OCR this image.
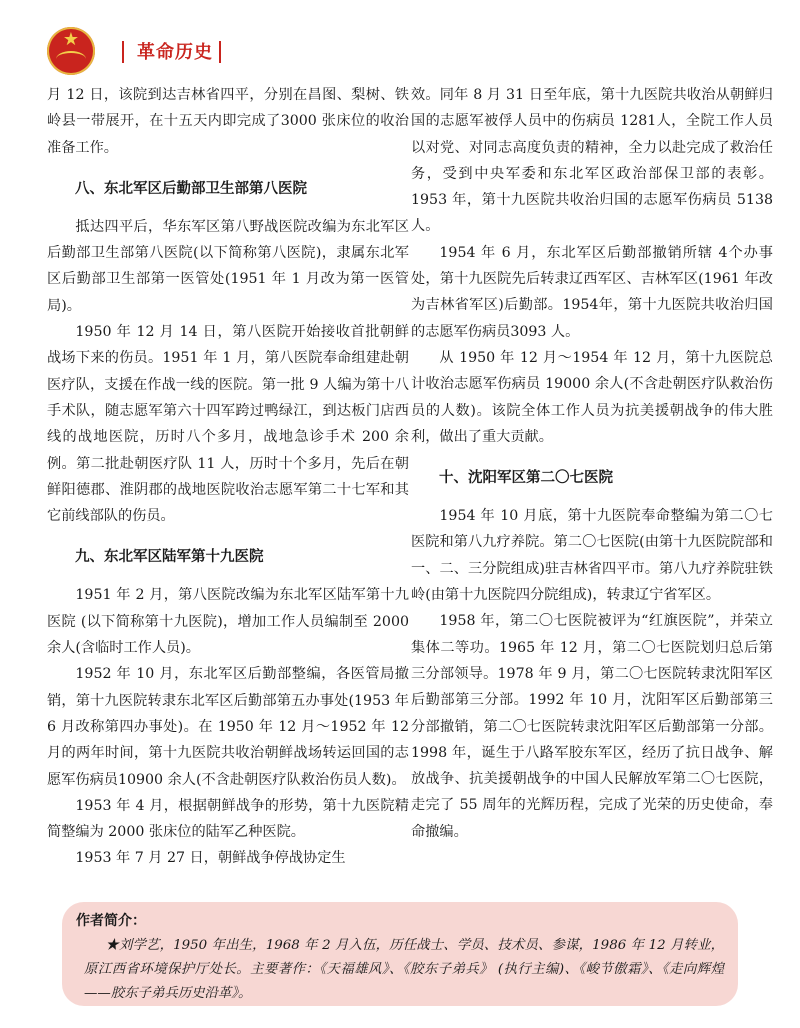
★
革命历史

月 12 日，该院到达吉林省四平，分别在昌图、梨树、铁岭县一带展开，在十五天内即完成了3000 张床位的收治准备工作。

八、东北军区后勤部卫生部第八医院

抵达四平后，华东军区第八野战医院改编为东北军区后勤部卫生部第八医院(以下简称第八医院)，隶属东北军区后勤部卫生部第一医管处(1951 年 1 月改为第一医管局)。

1950 年 12 月 14 日，第八医院开始接收首批朝鲜战场下来的伤员。1951 年 1 月，第八医院奉命组建赴朝医疗队，支援在作战一线的医院。第一批 9 人编为第十八手术队，随志愿军第六十四军跨过鸭绿江，到达板门店西线的战地医院，历时八个多月，战地急诊手术 200 余例。第二批赴朝医疗队 11 人，历时十个多月，先后在朝鲜阳德郡、淮阴郡的战地医院收治志愿军第二十七军和其它前线部队的伤员。

九、东北军区陆军第十九医院

1951 年 2 月，第八医院改编为东北军区陆军第十九医院 (以下简称第十九医院)，增加工作人员编制至 2000 余人(含临时工作人员)。

1952 年 10 月，东北军区后勤部整编，各医管局撤销，第十九医院转隶东北军区后勤部第五办事处(1953 年 6 月改称第四办事处)。在 1950 年 12 月～1952 年 12 月的两年时间，第十九医院共收治朝鲜战场转运回国的志愿军伤病员10900 余人(不含赴朝医疗队救治伤员人数)。

1953 年 4 月，根据朝鲜战争的形势，第十九医院精简整编为 2000 张床位的陆军乙种医院。

1953 年 7 月 27 日，朝鲜战争停战协定生

效。同年 8 月 31 日至年底，第十九医院共收治从朝鲜归国的志愿军被俘人员中的伤病员 1281人，全院工作人员以对党、对同志高度负责的精神，全力以赴完成了救治任务，受到中央军委和东北军区政治部保卫部的表彰。1953 年，第十九医院共收治归国的志愿军伤病员 5138 人。

1954 年 6 月，东北军区后勤部撤销所辖 4个办事处，第十九医院先后转隶辽西军区、吉林军区(1961 年改为吉林省军区)后勤部。1954年，第十九医院共收治归国的志愿军伤病员3093 人。

从 1950 年 12 月～1954 年 12 月，第十九医院总计收治志愿军伤病员 19000 余人(不含赴朝医疗队救治伤员的人数)。该院全体工作人员为抗美援朝战争的伟大胜利，做出了重大贡献。

十、沈阳军区第二〇七医院

1954 年 10 月底，第十九医院奉命整编为第二〇七医院和第八九疗养院。第二〇七医院(由第十九医院院部和一、二、三分院组成)驻吉林省四平市。第八九疗养院驻铁岭(由第十九医院四分院组成)，转隶辽宁省军区。

1958 年，第二〇七医院被评为“红旗医院”，并荣立集体二等功。1965 年 12 月，第二〇七医院划归总后第三分部领导。1978 年 9 月，第二〇七医院转隶沈阳军区后勤部第三分部。1992 年 10 月，沈阳军区后勤部第三分部撤销，第二〇七医院转隶沈阳军区后勤部第一分部。1998 年，诞生于八路军胶东军区，经历了抗日战争、解放战争、抗美援朝战争的中国人民解放军第二〇七医院，走完了 55 周年的光辉历程，完成了光荣的历史使命，奉命撤编。

作者简介：
★刘学艺，1950 年出生，1968 年 2 月入伍，历任战士、学员、技术员、参谋，1986 年 12 月转业，原江西省环境保护厅处长。主要著作：《天福雄风》、《胶东子弟兵》 (执行主编)、《峻节傲霜》、《走向辉煌——胶东子弟兵历史沿革》。
